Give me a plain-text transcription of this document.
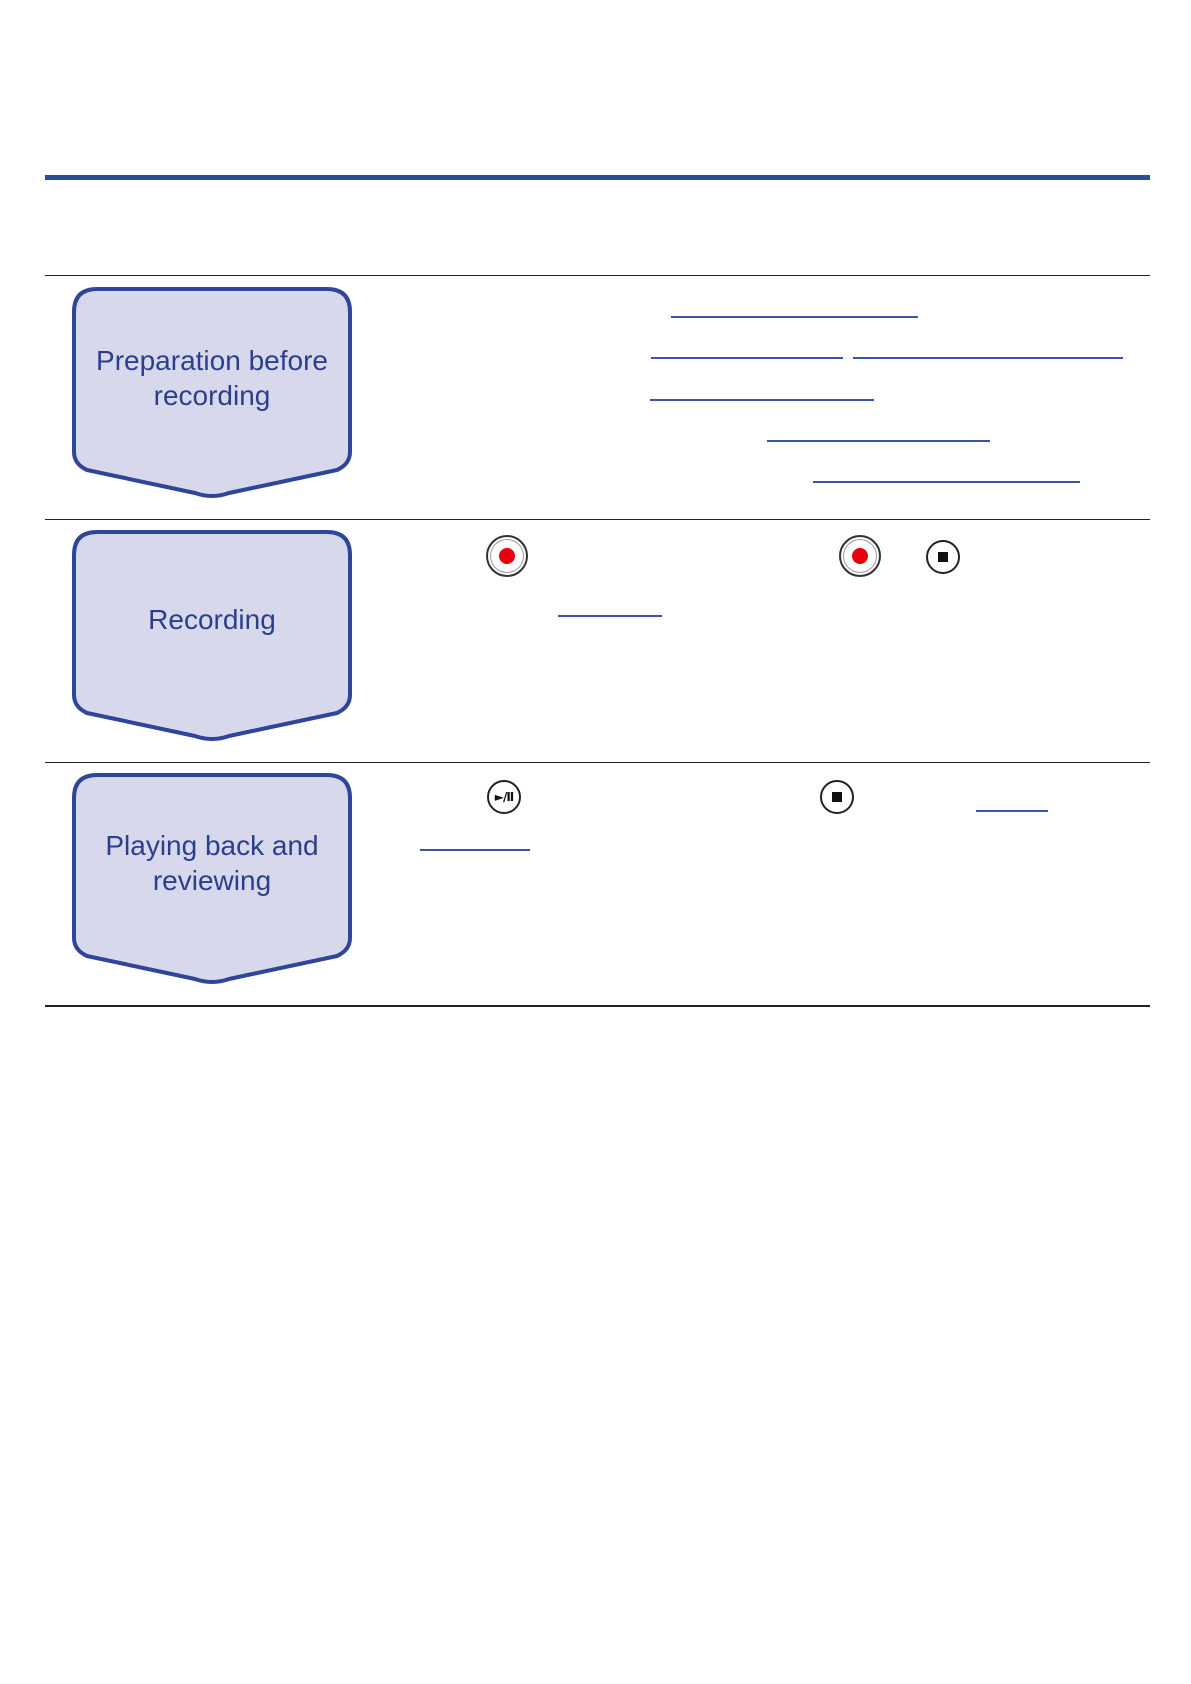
Preparation before recording
Recording
Playing back and reviewing
►/II
